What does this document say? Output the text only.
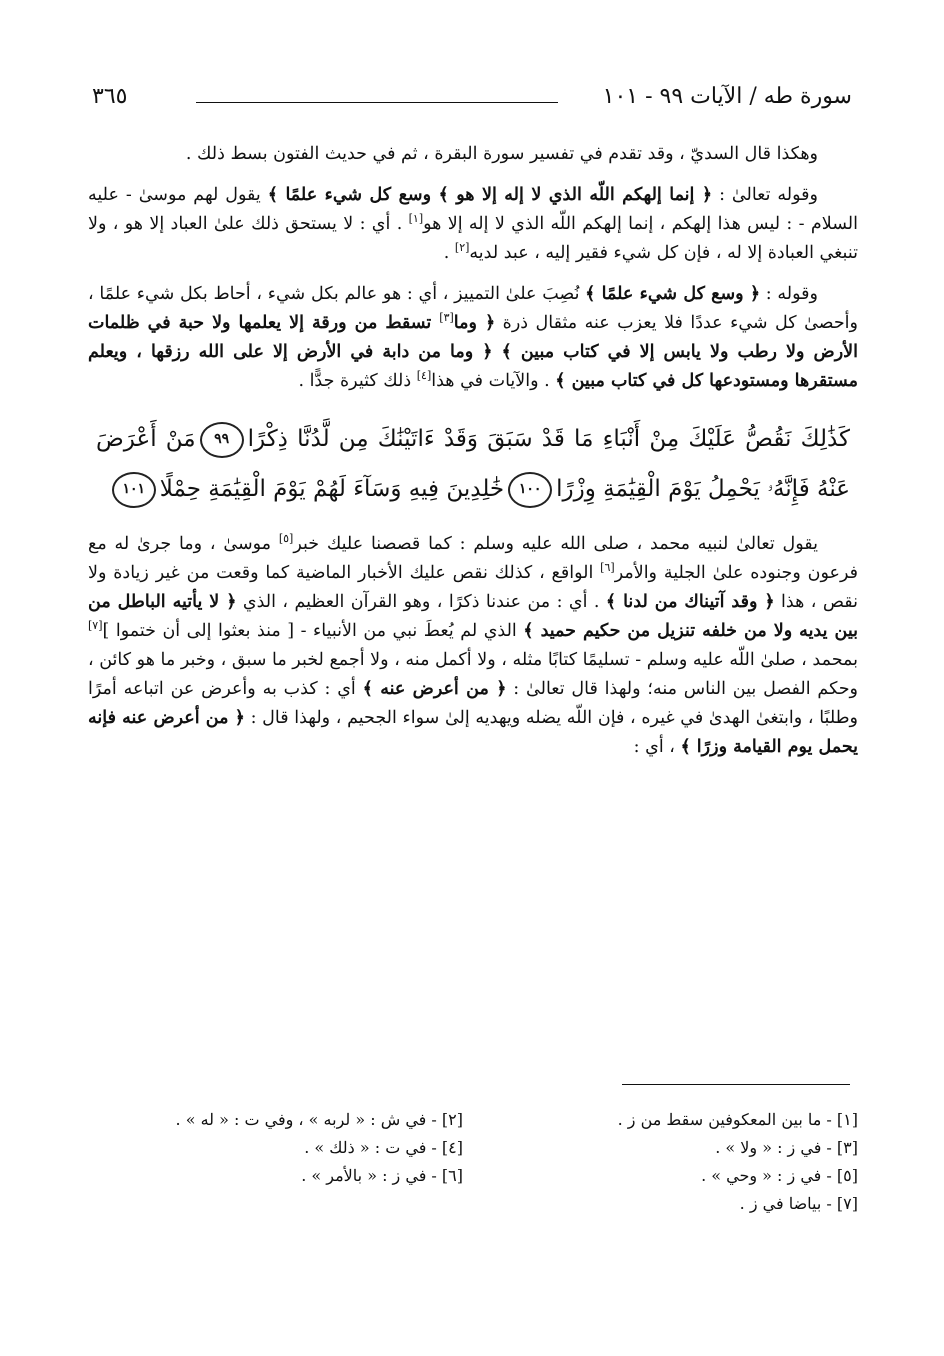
سورة طه / الآيات ٩٩ - ١٠١
٣٦٥

وهكذا قال السديّ ، وقد تقدم في تفسير سورة البقرة ، ثم في حديث الفتون بسط ذلك .

وقوله تعالىٰ : ﴿ إنما إلهكم اللّه الذي لا إله إلا هو ﴾ وسع كل شيء علمًا ﴾ يقول لهم موسىٰ - عليه السلام - : ليس هذا إلهكم ، إنما إلهكم اللّه الذي لا إله إلا هو[١] . أي : لا يستحق ذلك علىٰ العباد إلا هو ، ولا تنبغي العبادة إلا له ، فإن كل شيء فقير إليه ، عبد لديه[٢] .

وقوله : ﴿ وسع كل شيء علمًا ﴾ نُصِبَ علىٰ التمييز ، أي : هو عالم بكل شيء ، أحاط بكل شيء علمًا ، وأحصىٰ كل شيء عددًا فلا يعزب عنه مثقال ذرة ﴿ وما[٣] تسقط من ورقة إلا يعلمها ولا حبة في ظلمات الأرض ولا رطب ولا يابس إلا في كتاب مبين ﴾ ﴿ وما من دابة في الأرض إلا على الله رزقها ، ويعلم مستقرها ومستودعها كل في كتاب مبين ﴾ . والآيات في هذا[٤] ذلك كثيرة جدًّا .

كَذَٰلِكَ نَقُصُّ عَلَيْكَ مِنْ أَنْبَاءِ مَا قَدْ سَبَقَ وَقَدْ ءَاتَيْنَٰكَ مِن لَّدُنَّا ذِكْرًا٩٩مَنْ أَعْرَضَ عَنْهُ فَإِنَّهُۥ يَحْمِلُ يَوْمَ الْقِيَٰمَةِ وِزْرًا١٠٠خَٰلِدِينَ فِيهِ وَسَآءَ لَهُمْ يَوْمَ الْقِيَٰمَةِ حِمْلًا١٠١

يقول تعالىٰ لنبيه محمد ، صلى الله عليه وسلم : كما قصصنا عليك خبر[٥] موسىٰ ، وما جرىٰ له مع فرعون وجنوده علىٰ الجلية والأمر[٦] الواقع ، كذلك نقص عليك الأخبار الماضية كما وقعت من غير زيادة ولا نقص ، هذا ﴿ وقد آتيناك من لدنا ﴾ . أي : من عندنا ذكرًا ، وهو القرآن العظيم ، الذي ﴿ لا يأتيه الباطل من بين يديه ولا من خلفه تنزيل من حكيم حميد ﴾ الذي لم يُعطَ نبي من الأنبياء - [ منذ بعثوا إلى أن ختموا ][٧] بمحمد ، صلىٰ اللّه عليه وسلم - تسليمًا كتابًا مثله ، ولا أكمل منه ، ولا أجمع لخبر ما سبق ، وخبر ما هو كائن ، وحكم الفصل بين الناس منه؛ ولهذا قال تعالىٰ : ﴿ من أعرض عنه ﴾ أي : كذب به وأعرض عن اتباعه أمرًا وطلبًا ، وابتغىٰ الهدىٰ في غيره ، فإن اللّه يضله ويهديه إلىٰ سواء الجحيم ، ولهذا قال : ﴿ من أعرض عنه فإنه يحمل يوم القيامة وزرًا ﴾ ، أي :

[١] - ما بين المعكوفين سقط من ز .
[٢] - في ش : « لربه » ، وفي ت : « له » .
[٣] - في ز : « ولا » .
[٤] - في ت : « ذلك » .
[٥] - في ز : « وحي » .
[٦] - في ز : « بالأمر » .
[٧] - بياضا في ز .
